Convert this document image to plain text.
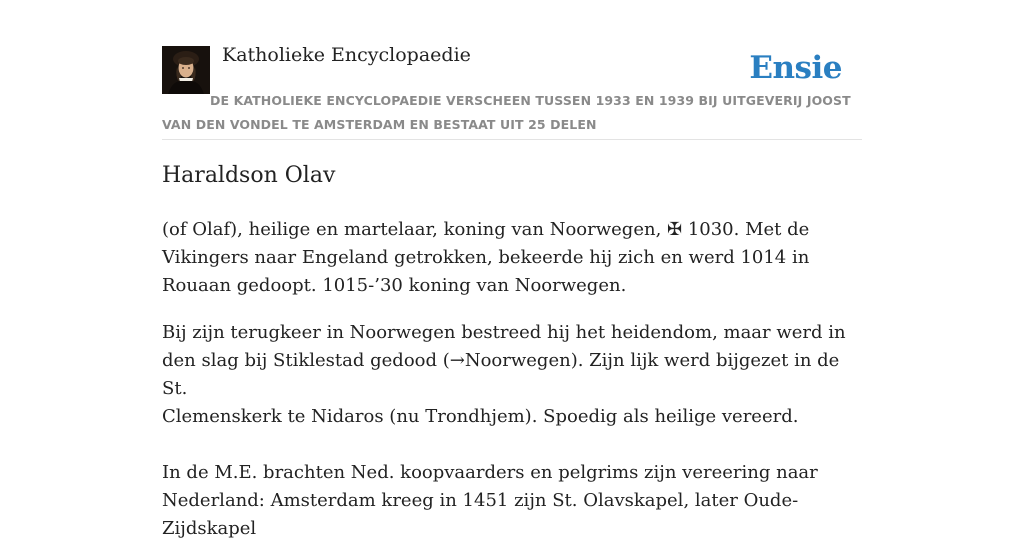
Katholieke Encyclopaedie	Ensie
DE KATHOLIEKE ENCYCLOPAEDIE VERSCHEEN TUSSEN 1933 EN 1939 BIJ UITGEVERIJ JOOST VAN DEN VONDEL TE AMSTERDAM EN BESTAAT UIT 25 DELEN
Haraldson Olav

(of Olaf), heilige en martelaar, koning van Noorwegen, ✠ 1030. Met de Vikingers naar Engeland getrokken, bekeerde hij zich en werd 1014 in Rouaan gedoopt. 1015-’30 koning van Noorwegen.

Bij zijn terugkeer in Noorwegen bestreed hij het heidendom, maar werd in den slag bij Stiklestad gedood (→Noorwegen). Zijn lijk werd bijgezet in de St.

Clemenskerk te Nidaros (nu Trondhjem). Spoedig als heilige vereerd.

In de M.E. brachten Ned. koopvaarders en pelgrims zijn vereering naar Nederland: Amsterdam kreeg in 1451 zijn St. Olavskapel, later Oude-Zijdskapel
